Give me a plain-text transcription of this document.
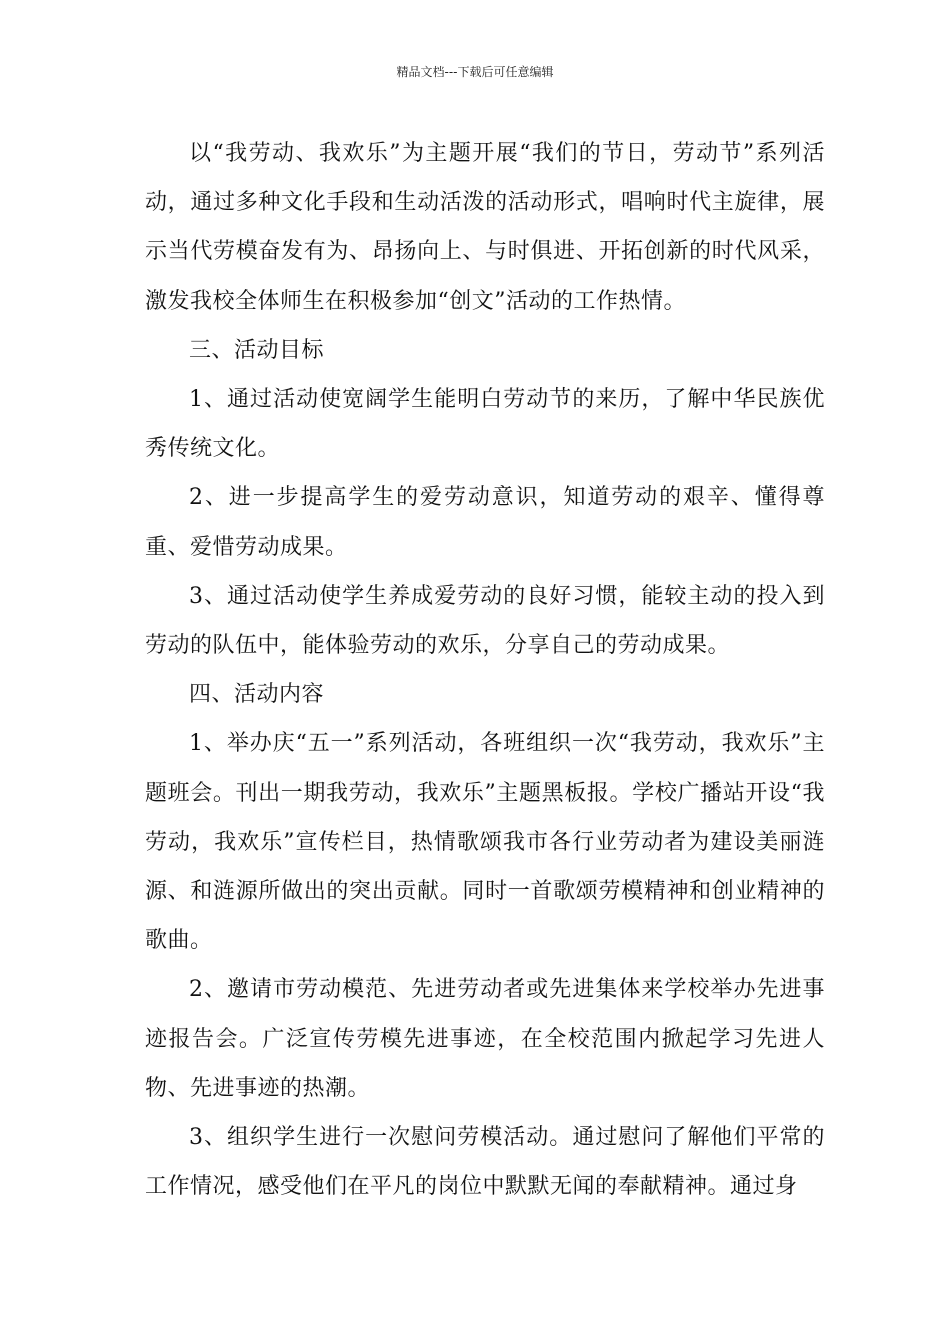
精品文档---下载后可任意编辑

以“我劳动、我欢乐”为主题开展“我们的节日，劳动节”系列活动，通过多种文化手段和生动活泼的活动形式，唱响时代主旋律，展示当代劳模奋发有为、昂扬向上、与时俱进、开拓创新的时代风采，激发我校全体师生在积极参加“创文”活动的工作热情。

三、活动目标

1、通过活动使宽阔学生能明白劳动节的来历，了解中华民族优秀传统文化。

2、进一步提高学生的爱劳动意识，知道劳动的艰辛、懂得尊重、爱惜劳动成果。

3、通过活动使学生养成爱劳动的良好习惯，能较主动的投入到劳动的队伍中，能体验劳动的欢乐，分享自己的劳动成果。

四、活动内容

1、举办庆“五一”系列活动，各班组织一次“我劳动，我欢乐”主题班会。刊出一期我劳动，我欢乐”主题黑板报。学校广播站开设“我劳动，我欢乐”宣传栏目，热情歌颂我市各行业劳动者为建设美丽涟源、和涟源所做出的突出贡献。同时一首歌颂劳模精神和创业精神的歌曲。

2、邀请市劳动模范、先进劳动者或先进集体来学校举办先进事迹报告会。广泛宣传劳模先进事迹，在全校范围内掀起学习先进人物、先进事迹的热潮。

3、组织学生进行一次慰问劳模活动。通过慰问了解他们平常的工作情况，感受他们在平凡的岗位中默默无闻的奉献精神。通过身
